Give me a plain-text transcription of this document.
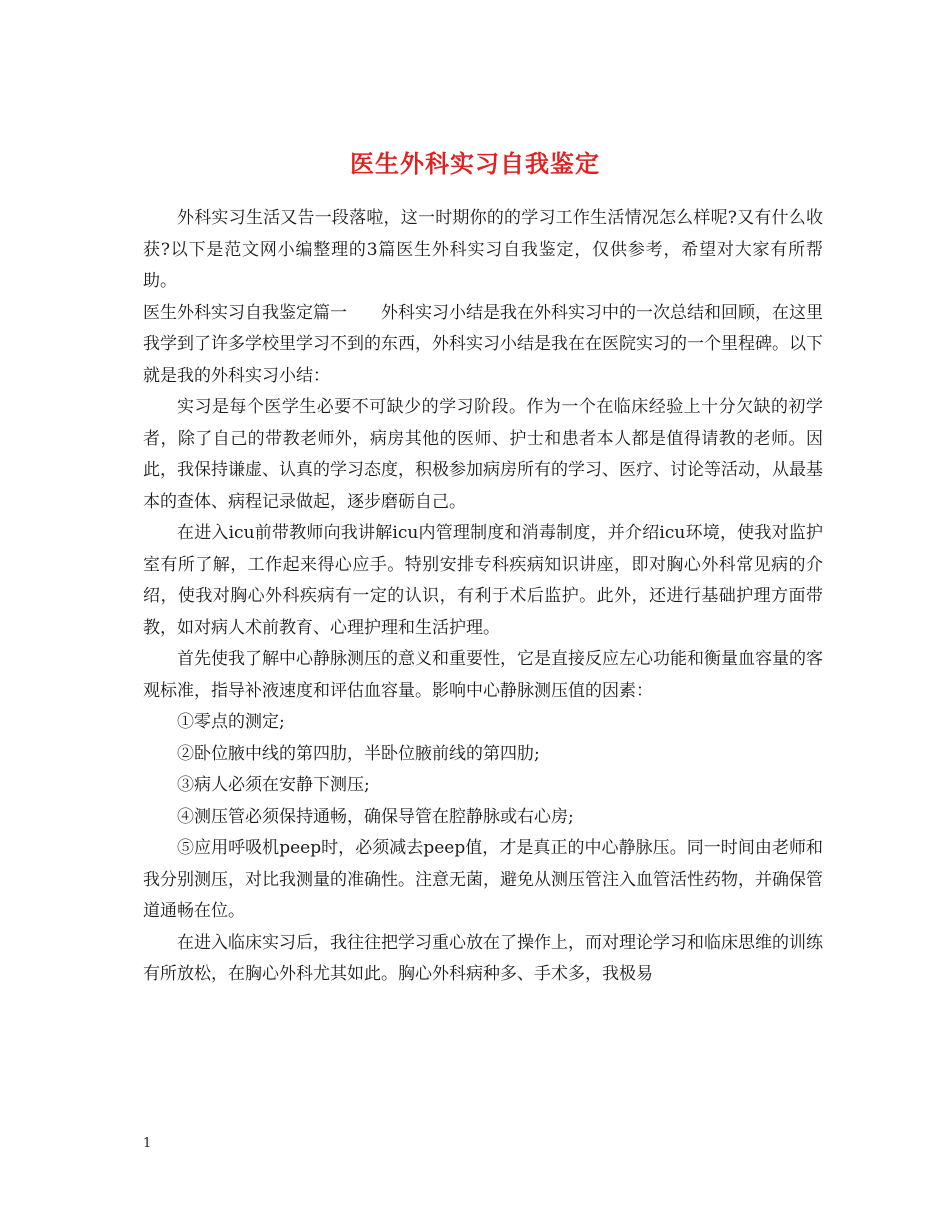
医生外科实习自我鉴定

外科实习生活又告一段落啦，这一时期你的的学习工作生活情况怎么样呢?又有什么收获?以下是范文网小编整理的3篇医生外科实习自我鉴定，仅供参考，希望对大家有所帮助。

医生外科实习自我鉴定篇一　　外科实习小结是我在外科实习中的一次总结和回顾，在这里我学到了许多学校里学习不到的东西，外科实习小结是我在在医院实习的一个里程碑。以下就是我的外科实习小结：

实习是每个医学生必要不可缺少的学习阶段。作为一个在临床经验上十分欠缺的初学者，除了自己的带教老师外，病房其他的医师、护士和患者本人都是值得请教的老师。因此，我保持谦虚、认真的学习态度，积极参加病房所有的学习、医疗、讨论等活动，从最基本的查体、病程记录做起，逐步磨砺自己。

在进入icu前带教师向我讲解icu内管理制度和消毒制度，并介绍icu环境，使我对监护室有所了解，工作起来得心应手。特别安排专科疾病知识讲座，即对胸心外科常见病的介绍，使我对胸心外科疾病有一定的认识，有利于术后监护。此外，还进行基础护理方面带教，如对病人术前教育、心理护理和生活护理。

首先使我了解中心静脉测压的意义和重要性，它是直接反应左心功能和衡量血容量的客观标准，指导补液速度和评估血容量。影响中心静脉测压值的因素：

①零点的测定;

②卧位腋中线的第四肋，半卧位腋前线的第四肋;

③病人必须在安静下测压;

④测压管必须保持通畅，确保导管在腔静脉或右心房;

⑤应用呼吸机peep时，必须减去peep值，才是真正的中心静脉压。同一时间由老师和我分别测压，对比我测量的准确性。注意无菌，避免从测压管注入血管活性药物，并确保管道通畅在位。

在进入临床实习后，我往往把学习重心放在了操作上，而对理论学习和临床思维的训练有所放松，在胸心外科尤其如此。胸心外科病种多、手术多，我极易

1
